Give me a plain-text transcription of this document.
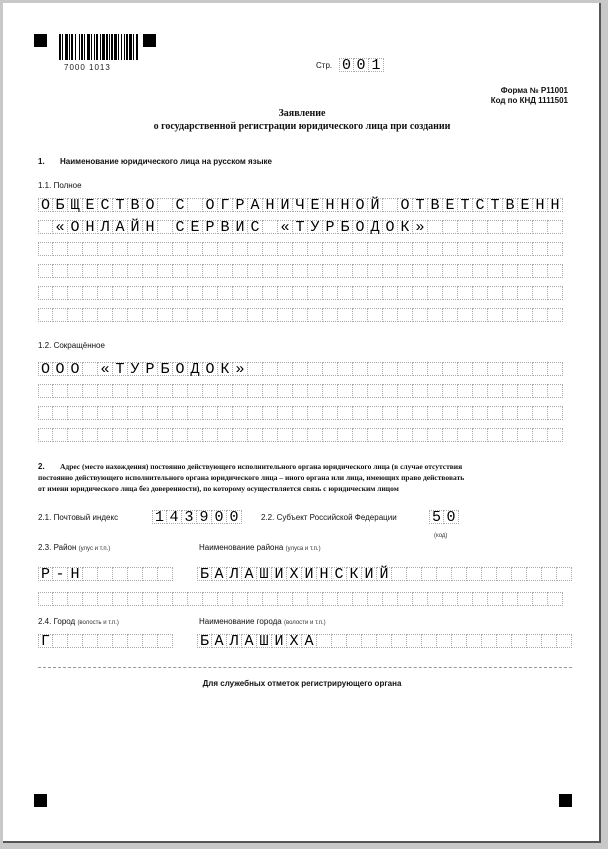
7000 1013	Стр. 0 0 1
Форма № Р11001
Код по КНД 1111501
Заявление
о государственной регистрации юридического лица при создании
1. Наименование юридического лица на русском языке
1.1. Полное
О Б Щ Е С Т В О С О Г Р А Н И Ч Е Н Н О Й О Т В Е Т С Т В Е Н Н
« О Н Л А Й Н С Е Р В И С « Т У Р Б О Д О К »
1.2. Сокращённое
О О О « Т У Р Б О Д О К »
2. Адрес (место нахождения) постоянно действующего исполнительного органа юридического лица (в случае отсутствия
постоянно действующего исполнительного органа юридического лица – иного органа или лица, имеющих право действовать
от имени юридического лица без доверенности), по которому осуществляется связь с юридическим лицом
2.1. Почтовый индекс 1 4 3 9 0 0	2.2. Субъект Российской Федерации 5 0
(код)
2.3. Район (улус и т.п.)	Наименование района (улуса и т.п.)
Р - Н	Б А Л А Ш И Х И Н С К И Й
2.4. Город (волость и т.п.)	Наименование города (волости и т.п.)
Г	Б А Л А Ш И Х А
Для служебных отметок регистрирующего органа
